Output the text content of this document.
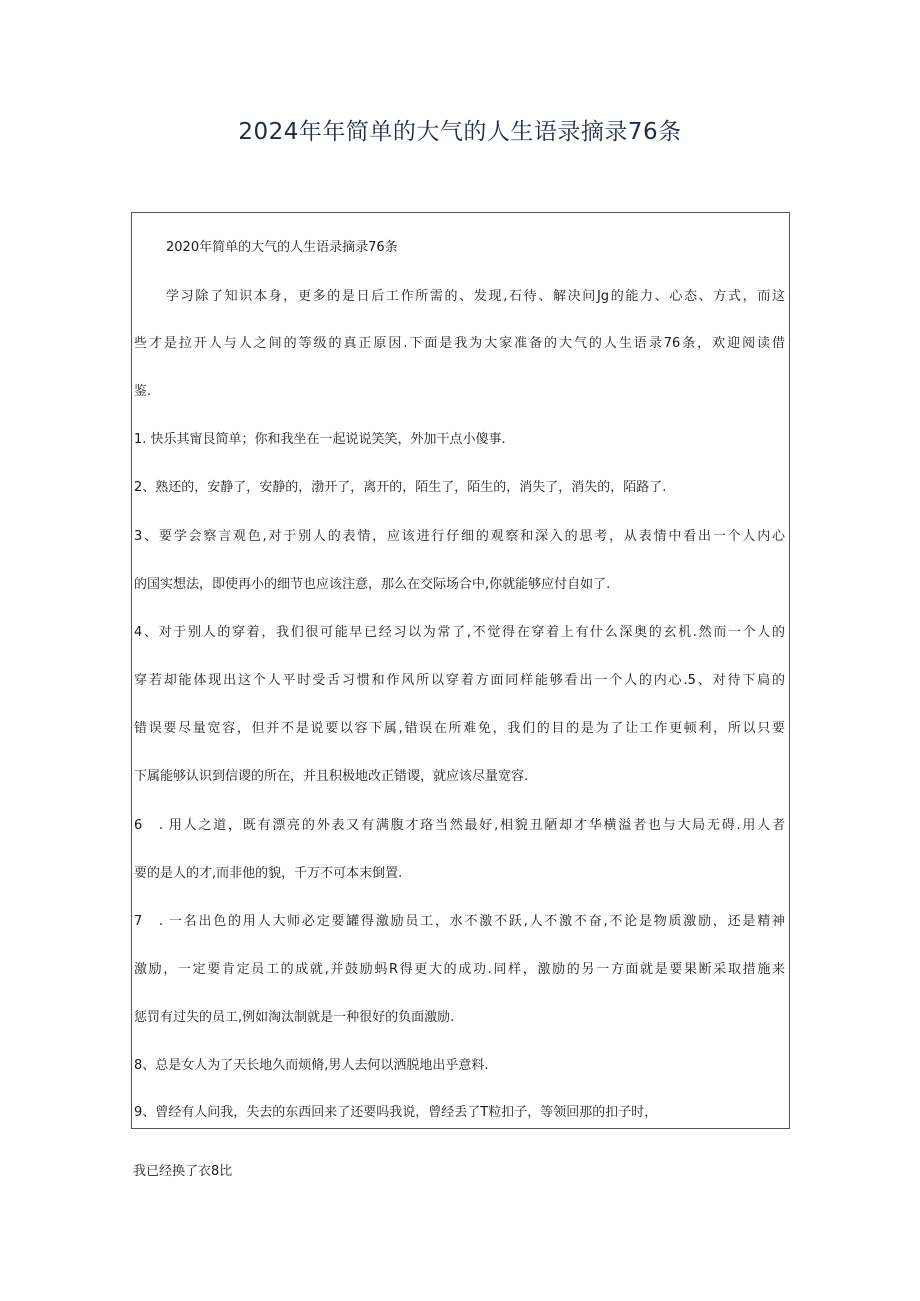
2024年年简单的大气的人生语录摘录76条
2020年简单的大气的人生语录摘录76条
学习除了知识本身，更多的是日后工作所需的、发现,石待、解决问Jg的能力、心态、方式，而这
些才是拉开人与人之间的等级的真正原因.下面是我为大家准备的大气的人生语录76条，欢迎阅读借
鉴.
1. 快乐其甯艮简单；你和我坐在一起说说笑笑，外加干点小傻事.
2、熟还的，安静了，安静的，渤开了，离开的，陌生了，陌生的，消失了，消失的，陌路了.
3、要学会察言观色,对于别人的表情，应该进行仔细的观察和深入的思考，从表情中看出一个人内心
的国实想法，即使再小的细节也应该注意，那么在交际场合中,你就能够应付自如了.
4、对于别人的穿着，我们很可能早已经习以为常了,不觉得在穿着上有什么深奥的玄机.然而一个人的
穿若却能体现出这个人平时受舌习惯和作风所以穿着方面同样能够看出一个人的内心.5、对待下扃的
错误要尽量宽容，但并不是说要以容下属,错误在所难免，我们的目的是为了让工作更顿利，所以只要
下属能够认识到信谡的所在，并且积极地改正错谡，就应该尽量宽容.
6　. 用人之道，既有漂亮的外表又有满腹才珞当然最好,相貌丑陋却才华横溢者也与大局无碍.用人者
要的是人的才,而非他的貌，千万不可本末倒置.
7　. 一名出色的用人大师必定要罐得激励员工，水不激不跃,人不激不奋,不论是物质激励，还是精神
激励，一定要肯定员工的成就,并鼓励蚂R得更大的成功.同样，激励的另一方面就是要果断采取措施来
惩罚有过失的员工,例如淘汰制就是一种很好的负面激励.
8、总是女人为了天长地久而烦脩,男人去何以洒脱地出乎意料.
9、曾经有人问我，失去的东西回来了还要吗我说，曾经丢了T粒扣子，等领回那的扣子时，
我已经换了衣8比
